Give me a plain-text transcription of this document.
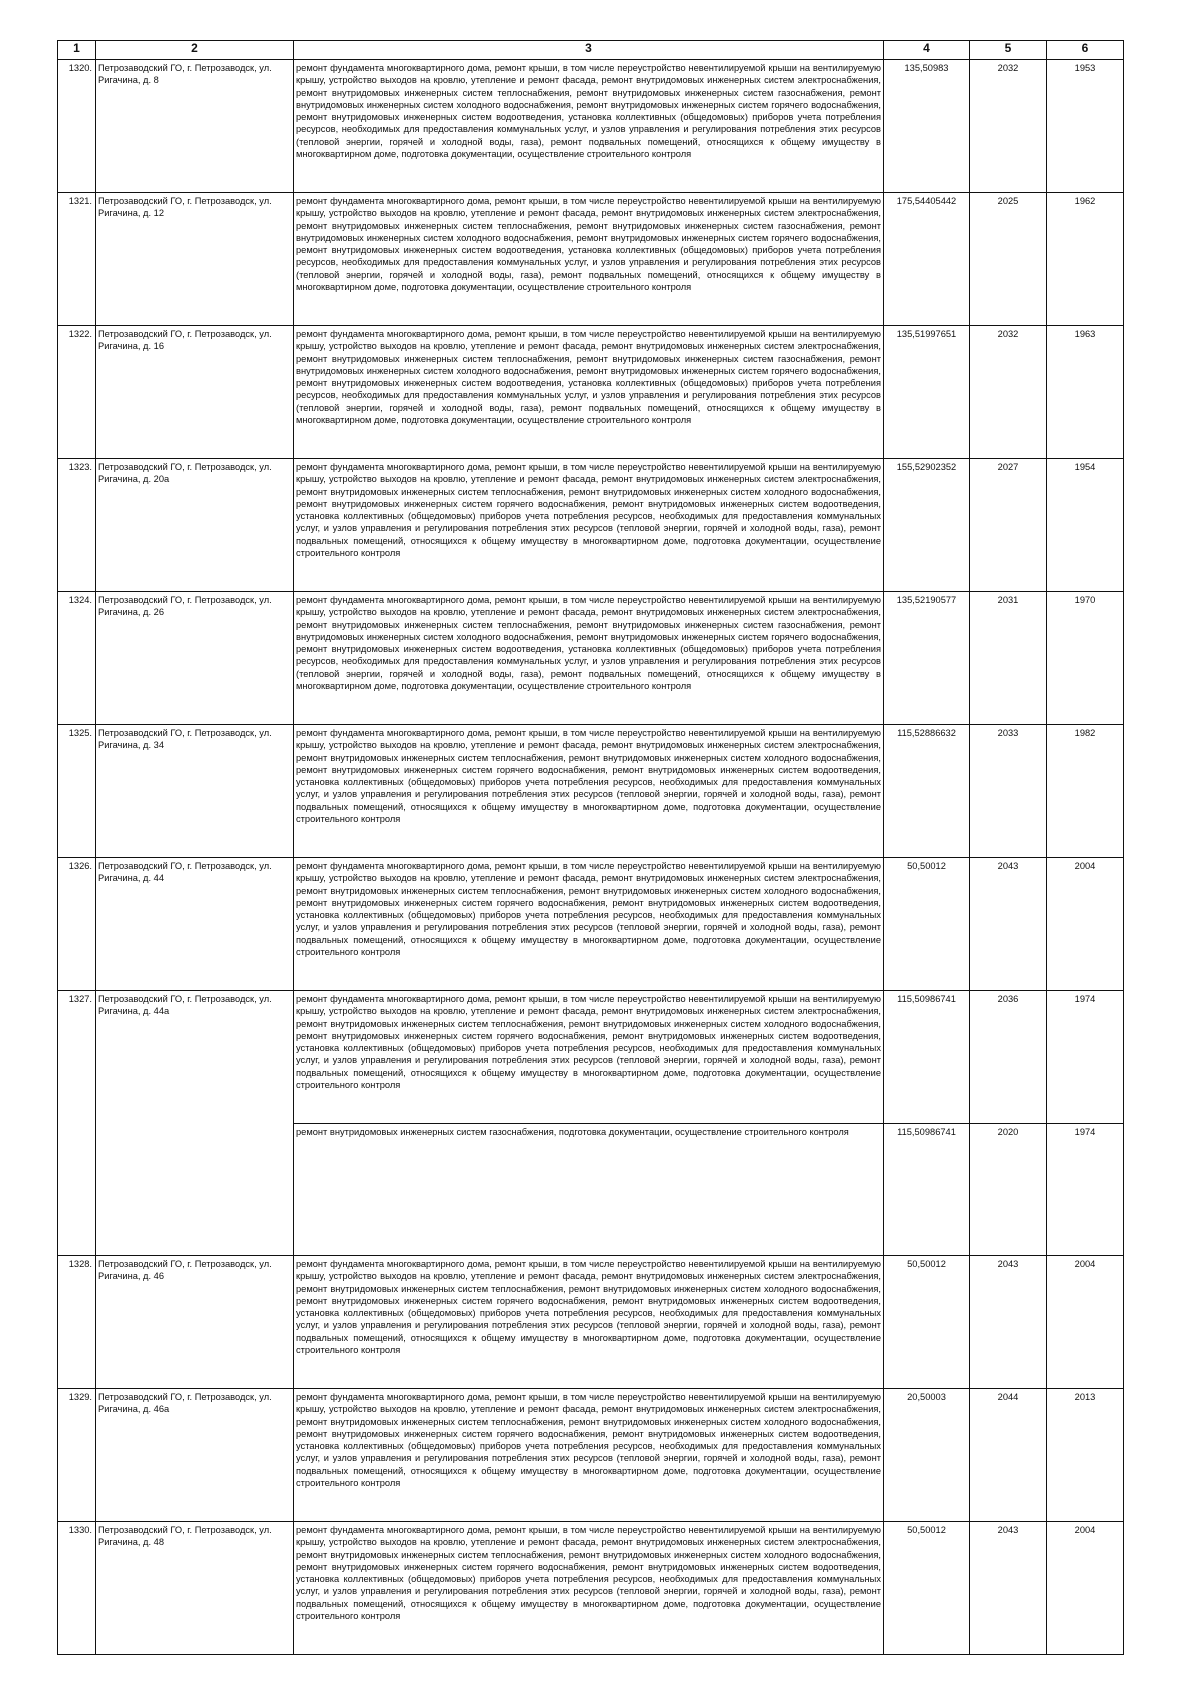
1	2	3	4	5	6
1320.	Петрозаводский ГО, г. Петрозаводск, ул. Ригачина, д. 8	ремонт фундамента многоквартирного дома, ремонт крыши, в том числе переустройство невентилируемой крыши на вентилируемую крышу, устройство выходов на кровлю, утепление и ремонт фасада, ремонт внутридомовых инженерных систем электроснабжения, ремонт внутридомовых инженерных систем теплоснабжения, ремонт внутридомовых инженерных систем газоснабжения, ремонт внутридомовых инженерных систем холодного водоснабжения, ремонт внутридомовых инженерных систем горячего водоснабжения, ремонт внутридомовых инженерных систем водоотведения, установка коллективных (общедомовых) приборов учета потребления ресурсов, необходимых для предоставления коммунальных услуг, и узлов управления и регулирования потребления этих ресурсов (тепловой энергии, горячей и холодной воды, газа), ремонт подвальных помещений, относящихся к общему имуществу в многоквартирном доме, подготовка документации, осуществление строительного контроля	135,50983	2032	1953
1321.	Петрозаводский ГО, г. Петрозаводск, ул. Ригачина, д. 12	ремонт фундамента многоквартирного дома, ремонт крыши, в том числе переустройство невентилируемой крыши на вентилируемую крышу, устройство выходов на кровлю, утепление и ремонт фасада, ремонт внутридомовых инженерных систем электроснабжения, ремонт внутридомовых инженерных систем теплоснабжения, ремонт внутридомовых инженерных систем газоснабжения, ремонт внутридомовых инженерных систем холодного водоснабжения, ремонт внутридомовых инженерных систем горячего водоснабжения, ремонт внутридомовых инженерных систем водоотведения, установка коллективных (общедомовых) приборов учета потребления ресурсов, необходимых для предоставления коммунальных услуг, и узлов управления и регулирования потребления этих ресурсов (тепловой энергии, горячей и холодной воды, газа), ремонт подвальных помещений, относящихся к общему имуществу в многоквартирном доме, подготовка документации, осуществление строительного контроля	175,54405442	2025	1962
1322.	Петрозаводский ГО, г. Петрозаводск, ул. Ригачина, д. 16	ремонт фундамента многоквартирного дома, ремонт крыши, в том числе переустройство невентилируемой крыши на вентилируемую крышу, устройство выходов на кровлю, утепление и ремонт фасада, ремонт внутридомовых инженерных систем электроснабжения, ремонт внутридомовых инженерных систем теплоснабжения, ремонт внутридомовых инженерных систем газоснабжения, ремонт внутридомовых инженерных систем холодного водоснабжения, ремонт внутридомовых инженерных систем горячего водоснабжения, ремонт внутридомовых инженерных систем водоотведения, установка коллективных (общедомовых) приборов учета потребления ресурсов, необходимых для предоставления коммунальных услуг, и узлов управления и регулирования потребления этих ресурсов (тепловой энергии, горячей и холодной воды, газа), ремонт подвальных помещений, относящихся к общему имуществу в многоквартирном доме, подготовка документации, осуществление строительного контроля	135,51997651	2032	1963
1323.	Петрозаводский ГО, г. Петрозаводск, ул. Ригачина, д. 20а	ремонт фундамента многоквартирного дома, ремонт крыши, в том числе переустройство невентилируемой крыши на вентилируемую крышу, устройство выходов на кровлю, утепление и ремонт фасада, ремонт внутридомовых инженерных систем электроснабжения, ремонт внутридомовых инженерных систем теплоснабжения, ремонт внутридомовых инженерных систем холодного водоснабжения, ремонт внутридомовых инженерных систем горячего водоснабжения, ремонт внутридомовых инженерных систем водоотведения, установка коллективных (общедомовых) приборов учета потребления ресурсов, необходимых для предоставления коммунальных услуг, и узлов управления и регулирования потребления этих ресурсов (тепловой энергии, горячей и холодной воды, газа), ремонт подвальных помещений, относящихся к общему имуществу в многоквартирном доме, подготовка документации, осуществление строительного контроля	155,52902352	2027	1954
1324.	Петрозаводский ГО, г. Петрозаводск, ул. Ригачина, д. 26	ремонт фундамента многоквартирного дома, ремонт крыши, в том числе переустройство невентилируемой крыши на вентилируемую крышу, устройство выходов на кровлю, утепление и ремонт фасада, ремонт внутридомовых инженерных систем электроснабжения, ремонт внутридомовых инженерных систем теплоснабжения, ремонт внутридомовых инженерных систем газоснабжения, ремонт внутридомовых инженерных систем холодного водоснабжения, ремонт внутридомовых инженерных систем горячего водоснабжения, ремонт внутридомовых инженерных систем водоотведения, установка коллективных (общедомовых) приборов учета потребления ресурсов, необходимых для предоставления коммунальных услуг, и узлов управления и регулирования потребления этих ресурсов (тепловой энергии, горячей и холодной воды, газа), ремонт подвальных помещений, относящихся к общему имуществу в многоквартирном доме, подготовка документации, осуществление строительного контроля	135,52190577	2031	1970
1325.	Петрозаводский ГО, г. Петрозаводск, ул. Ригачина, д. 34	ремонт фундамента многоквартирного дома, ремонт крыши, в том числе переустройство невентилируемой крыши на вентилируемую крышу, устройство выходов на кровлю, утепление и ремонт фасада, ремонт внутридомовых инженерных систем электроснабжения, ремонт внутридомовых инженерных систем теплоснабжения, ремонт внутридомовых инженерных систем холодного водоснабжения, ремонт внутридомовых инженерных систем горячего водоснабжения, ремонт внутридомовых инженерных систем водоотведения, установка коллективных (общедомовых) приборов учета потребления ресурсов, необходимых для предоставления коммунальных услуг, и узлов управления и регулирования потребления этих ресурсов (тепловой энергии, горячей и холодной воды, газа), ремонт подвальных помещений, относящихся к общему имуществу в многоквартирном доме, подготовка документации, осуществление строительного контроля	115,52886632	2033	1982
1326.	Петрозаводский ГО, г. Петрозаводск, ул. Ригачина, д. 44	ремонт фундамента многоквартирного дома, ремонт крыши, в том числе переустройство невентилируемой крыши на вентилируемую крышу, устройство выходов на кровлю, утепление и ремонт фасада, ремонт внутридомовых инженерных систем электроснабжения, ремонт внутридомовых инженерных систем теплоснабжения, ремонт внутридомовых инженерных систем холодного водоснабжения, ремонт внутридомовых инженерных систем горячего водоснабжения, ремонт внутридомовых инженерных систем водоотведения, установка коллективных (общедомовых) приборов учета потребления ресурсов, необходимых для предоставления коммунальных услуг, и узлов управления и регулирования потребления этих ресурсов (тепловой энергии, горячей и холодной воды, газа), ремонт подвальных помещений, относящихся к общему имуществу в многоквартирном доме, подготовка документации, осуществление строительного контроля	50,50012	2043	2004
1327.	Петрозаводский ГО, г. Петрозаводск, ул. Ригачина, д. 44а	ремонт фундамента многоквартирного дома, ремонт крыши, в том числе переустройство невентилируемой крыши на вентилируемую крышу, устройство выходов на кровлю, утепление и ремонт фасада, ремонт внутридомовых инженерных систем электроснабжения, ремонт внутридомовых инженерных систем теплоснабжения, ремонт внутридомовых инженерных систем холодного водоснабжения, ремонт внутридомовых инженерных систем горячего водоснабжения, ремонт внутридомовых инженерных систем водоотведения, установка коллективных (общедомовых) приборов учета потребления ресурсов, необходимых для предоставления коммунальных услуг, и узлов управления и регулирования потребления этих ресурсов (тепловой энергии, горячей и холодной воды, газа), ремонт подвальных помещений, относящихся к общему имуществу в многоквартирном доме, подготовка документации, осуществление строительного контроля	115,50986741	2036	1974
		ремонт внутридомовых инженерных систем газоснабжения, подготовка документации, осуществление строительного контроля	115,50986741	2020	1974
1328.	Петрозаводский ГО, г. Петрозаводск, ул. Ригачина, д. 46	ремонт фундамента многоквартирного дома, ремонт крыши, в том числе переустройство невентилируемой крыши на вентилируемую крышу, устройство выходов на кровлю, утепление и ремонт фасада, ремонт внутридомовых инженерных систем электроснабжения, ремонт внутридомовых инженерных систем теплоснабжения, ремонт внутридомовых инженерных систем холодного водоснабжения, ремонт внутридомовых инженерных систем горячего водоснабжения, ремонт внутридомовых инженерных систем водоотведения, установка коллективных (общедомовых) приборов учета потребления ресурсов, необходимых для предоставления коммунальных услуг, и узлов управления и регулирования потребления этих ресурсов (тепловой энергии, горячей и холодной воды, газа), ремонт подвальных помещений, относящихся к общему имуществу в многоквартирном доме, подготовка документации, осуществление строительного контроля	50,50012	2043	2004
1329.	Петрозаводский ГО, г. Петрозаводск, ул. Ригачина, д. 46а	ремонт фундамента многоквартирного дома, ремонт крыши, в том числе переустройство невентилируемой крыши на вентилируемую крышу, устройство выходов на кровлю, утепление и ремонт фасада, ремонт внутридомовых инженерных систем электроснабжения, ремонт внутридомовых инженерных систем теплоснабжения, ремонт внутридомовых инженерных систем холодного водоснабжения, ремонт внутридомовых инженерных систем горячего водоснабжения, ремонт внутридомовых инженерных систем водоотведения, установка коллективных (общедомовых) приборов учета потребления ресурсов, необходимых для предоставления коммунальных услуг, и узлов управления и регулирования потребления этих ресурсов (тепловой энергии, горячей и холодной воды, газа), ремонт подвальных помещений, относящихся к общему имуществу в многоквартирном доме, подготовка документации, осуществление строительного контроля	20,50003	2044	2013
1330.	Петрозаводский ГО, г. Петрозаводск, ул. Ригачина, д. 48	ремонт фундамента многоквартирного дома, ремонт крыши, в том числе переустройство невентилируемой крыши на вентилируемую крышу, устройство выходов на кровлю, утепление и ремонт фасада, ремонт внутридомовых инженерных систем электроснабжения, ремонт внутридомовых инженерных систем теплоснабжения, ремонт внутридомовых инженерных систем холодного водоснабжения, ремонт внутридомовых инженерных систем горячего водоснабжения, ремонт внутридомовых инженерных систем водоотведения, установка коллективных (общедомовых) приборов учета потребления ресурсов, необходимых для предоставления коммунальных услуг, и узлов управления и регулирования потребления этих ресурсов (тепловой энергии, горячей и холодной воды, газа), ремонт подвальных помещений, относящихся к общему имуществу в многоквартирном доме, подготовка документации, осуществление строительного контроля	50,50012	2043	2004
